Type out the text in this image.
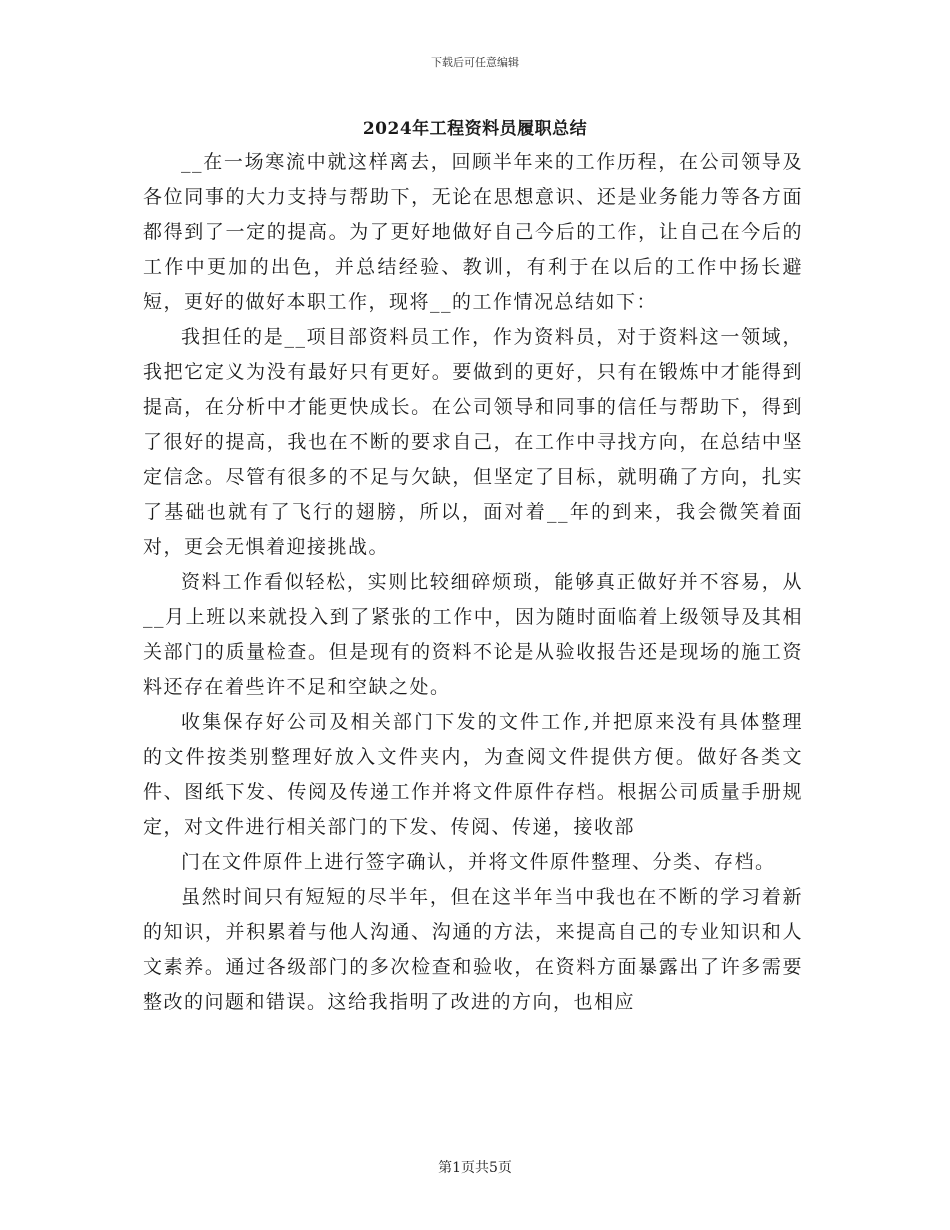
下载后可任意编辑
2024年工程资料员履职总结

__在一场寒流中就这样离去，回顾半年来的工作历程，在公司领导及各位同事的大力支持与帮助下，无论在思想意识、还是业务能力等各方面都得到了一定的提高。为了更好地做好自己今后的工作，让自己在今后的工作中更加的出色，并总结经验、教训，有利于在以后的工作中扬长避短，更好的做好本职工作，现将__的工作情况总结如下：

我担任的是__项目部资料员工作，作为资料员，对于资料这一领域，我把它定义为没有最好只有更好。要做到的更好，只有在锻炼中才能得到提高，在分析中才能更快成长。在公司领导和同事的信任与帮助下，得到了很好的提高，我也在不断的要求自己，在工作中寻找方向，在总结中坚定信念。尽管有很多的不足与欠缺，但坚定了目标，就明确了方向，扎实了基础也就有了飞行的翅膀，所以，面对着__年的到来，我会微笑着面对，更会无惧着迎接挑战。

资料工作看似轻松，实则比较细碎烦琐，能够真正做好并不容易，从__月上班以来就投入到了紧张的工作中，因为随时面临着上级领导及其相关部门的质量检查。但是现有的资料不论是从验收报告还是现场的施工资料还存在着些许不足和空缺之处。

收集保存好公司及相关部门下发的文件工作,并把原来没有具体整理的文件按类别整理好放入文件夹内，为查阅文件提供方便。做好各类文件、图纸下发、传阅及传递工作并将文件原件存档。根据公司质量手册规定，对文件进行相关部门的下发、传阅、传递，接收部

门在文件原件上进行签字确认，并将文件原件整理、分类、存档。

虽然时间只有短短的尽半年，但在这半年当中我也在不断的学习着新的知识，并积累着与他人沟通、沟通的方法，来提高自己的专业知识和人文素养。通过各级部门的多次检查和验收，在资料方面暴露出了许多需要整改的问题和错误。这给我指明了改进的方向，也相应

第1页共5页
